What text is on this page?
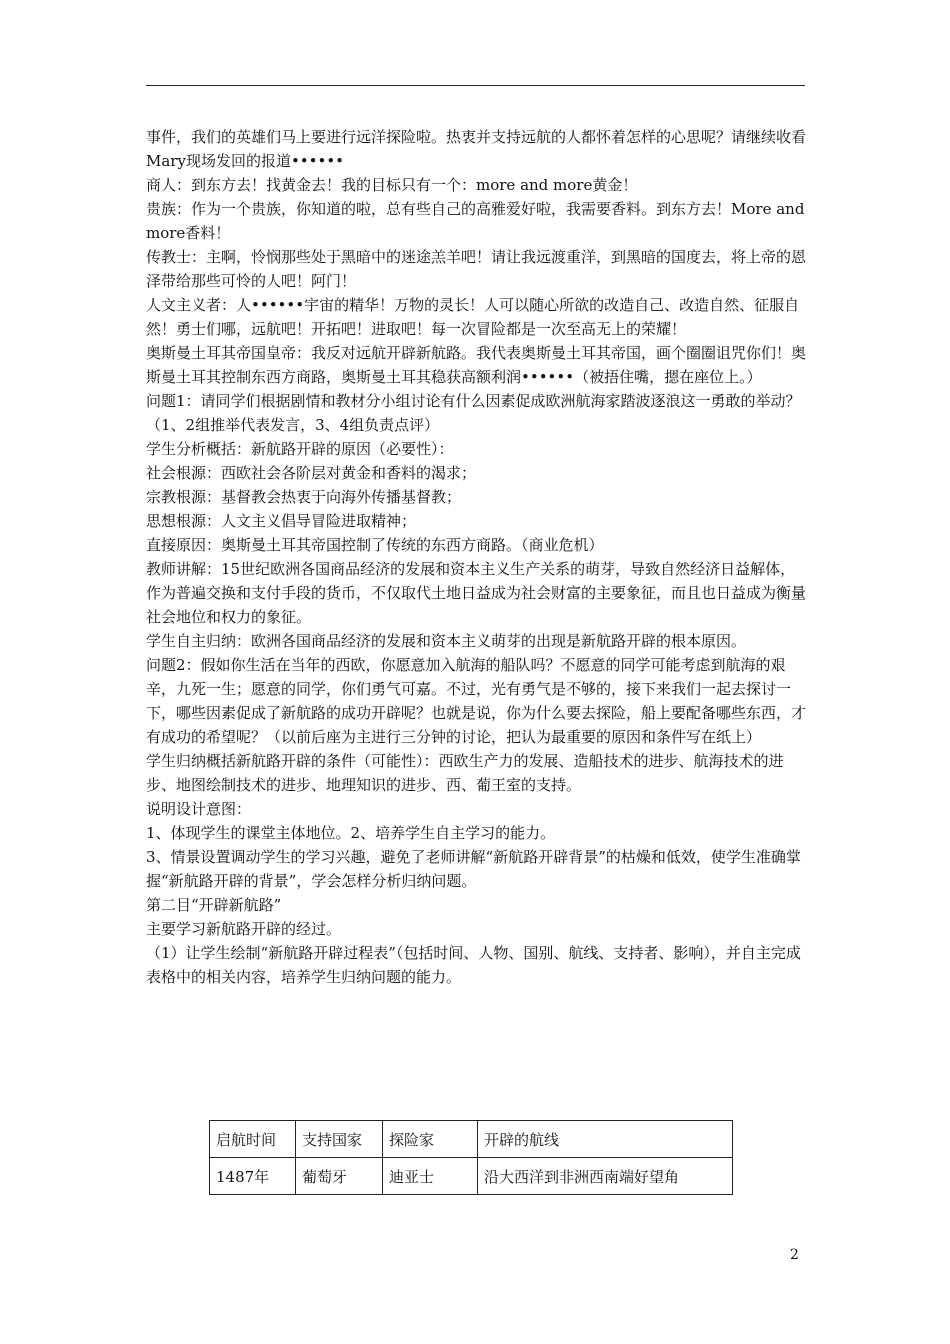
事件，我们的英雄们马上要进行远洋探险啦。热衷并支持远航的人都怀着怎样的心思呢？请继续收看Mary现场发回的报道••••••

商人：到东方去！找黄金去！我的目标只有一个：more and more黄金！

贵族：作为一个贵族，你知道的啦，总有些自己的高雅爱好啦，我需要香料。到东方去！More and more香料！

传教士：主啊，怜悯那些处于黑暗中的迷途羔羊吧！请让我远渡重洋，到黑暗的国度去，将上帝的恩泽带给那些可怜的人吧！阿门！

人文主义者：人••••••宇宙的精华！万物的灵长！人可以随心所欲的改造自己、改造自然、征服自然！勇士们哪，远航吧！开拓吧！进取吧！每一次冒险都是一次至高无上的荣耀！

奥斯曼土耳其帝国皇帝：我反对远航开辟新航路。我代表奥斯曼土耳其帝国，画个圈圈诅咒你们！奥斯曼土耳其控制东西方商路，奥斯曼土耳其稳获高额利润••••••（被捂住嘴，摁在座位上。）

问题1：请同学们根据剧情和教材分小组讨论有什么因素促成欧洲航海家踏波逐浪这一勇敢的举动？

（1、2组推举代表发言，3、4组负责点评）

学生分析概括：新航路开辟的原因（必要性）：

社会根源：西欧社会各阶层对黄金和香料的渴求；

宗教根源：基督教会热衷于向海外传播基督教；

思想根源：人文主义倡导冒险进取精神；

直接原因：奥斯曼土耳其帝国控制了传统的东西方商路。（商业危机）

教师讲解：15世纪欧洲各国商品经济的发展和资本主义生产关系的萌芽，导致自然经济日益解体，作为普遍交换和支付手段的货币，不仅取代土地日益成为社会财富的主要象征，而且也日益成为衡量社会地位和权力的象征。

学生自主归纳：欧洲各国商品经济的发展和资本主义萌芽的出现是新航路开辟的根本原因。

问题2：假如你生活在当年的西欧，你愿意加入航海的船队吗？不愿意的同学可能考虑到航海的艰辛，九死一生；愿意的同学，你们勇气可嘉。不过，光有勇气是不够的，接下来我们一起去探讨一下，哪些因素促成了新航路的成功开辟呢？也就是说，你为什么要去探险，船上要配备哪些东西，才有成功的希望呢？（以前后座为主进行三分钟的讨论，把认为最重要的原因和条件写在纸上）

学生归纳概括新航路开辟的条件（可能性）：西欧生产力的发展、造船技术的进步、航海技术的进步、地图绘制技术的进步、地理知识的进步、西、葡王室的支持。

说明设计意图：

1、体现学生的课堂主体地位。2、培养学生自主学习的能力。

3、情景设置调动学生的学习兴趣，避免了老师讲解“新航路开辟背景”的枯燥和低效，使学生准确掌握“新航路开辟的背景”，学会怎样分析归纳问题。

第二目“开辟新航路”

主要学习新航路开辟的经过。

（1）让学生绘制“新航路开辟过程表”（包括时间、人物、国别、航线、支持者、影响），并自主完成表格中的相关内容，培养学生归纳问题的能力。

启航时间	支持国家	探险家	开辟的航线
1487年	葡萄牙	迪亚士	沿大西洋到非洲西南端好望角
2
